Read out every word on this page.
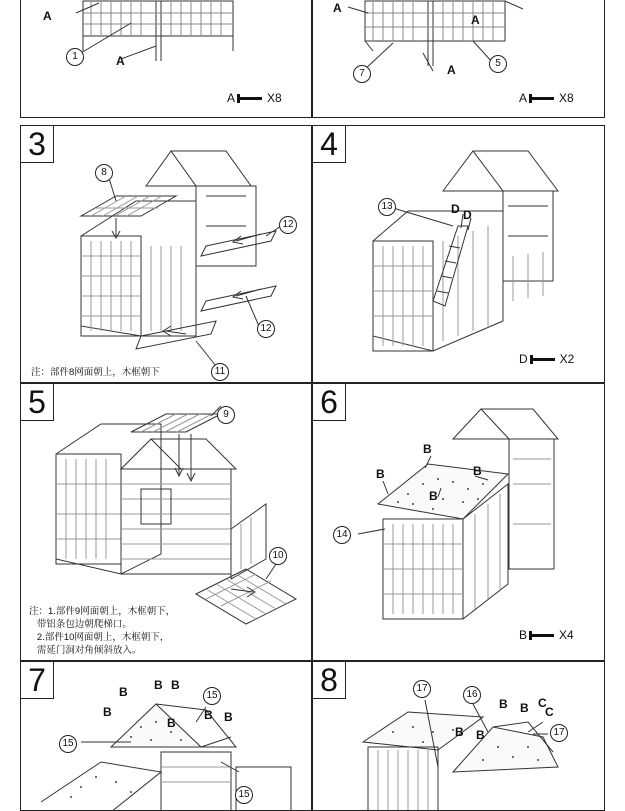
A
A
1
A	X8
A
A
A
7
5
A	X8
3
8
12
12
11
注：部件8网面朝上，木框朝下
4
13	D D
D	X2
5	9
10
注：1.部件9网面朝上，木框朝下，
带铝条包边朝爬梯口。
2.部件10网面朝上，木框朝下，
需延门洞对角倾斜放入。
6
14
B
B	B
B
B	X4
7	15
15
15
B B B
B	B B
B
8	17
16
17
B B
B
C
C
B
